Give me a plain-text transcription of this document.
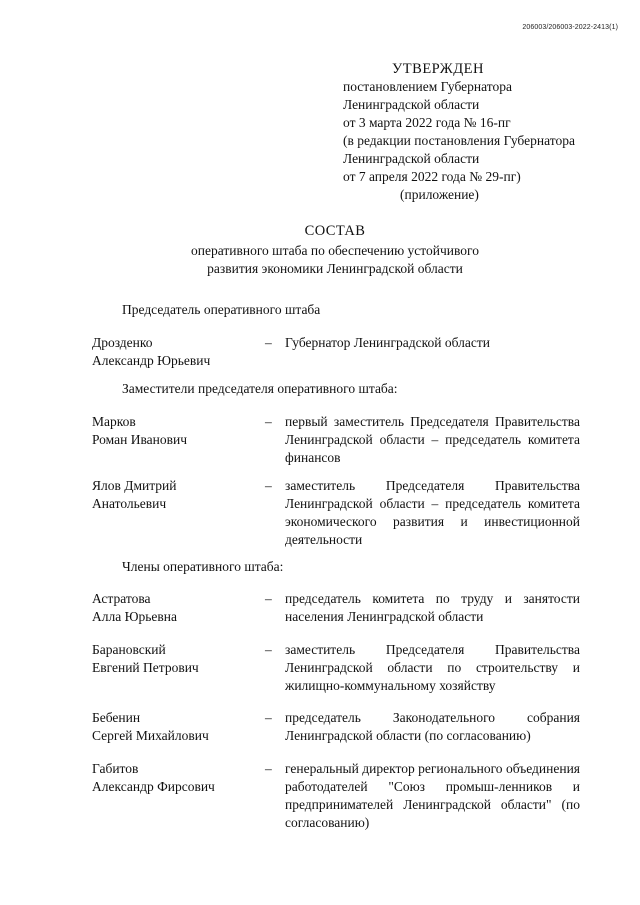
206003/206003-2022-2413(1)
УТВЕРЖДЕН
постановлением Губернатора
Ленинградской области
от 3 марта 2022 года № 16-пг
(в редакции постановления Губернатора
Ленинградской области
от 7 апреля 2022 года № 29-пг)
(приложение)
СОСТАВ
оперативного штаба по обеспечению устойчивого
развития экономики Ленинградской области
Председатель оперативного штаба
Дрозденко
Александр Юрьевич
– Губернатор Ленинградской области
Заместители председателя оперативного штаба:
Марков
Роман Иванович
– первый заместитель Председателя Правительства Ленинградской области – председатель комитета финансов
Ялов Дмитрий
Анатольевич
– заместитель Председателя Правительства Ленинградской области – председатель комитета экономического развития и инвестиционной деятельности
Члены оперативного штаба:
Астратова
Алла Юрьевна
– председатель комитета по труду и занятости населения Ленинградской области
Барановский
Евгений Петрович
– заместитель Председателя Правительства Ленинградской области по строительству и жилищно-коммунальному хозяйству
Бебенин
Сергей Михайлович
– председатель Законодательного собрания Ленинградской области (по согласованию)
Габитов
Александр Фирсович
– генеральный директор регионального объединения работодателей "Союз промыш-ленников и предпринимателей Ленинградской области" (по согласованию)
